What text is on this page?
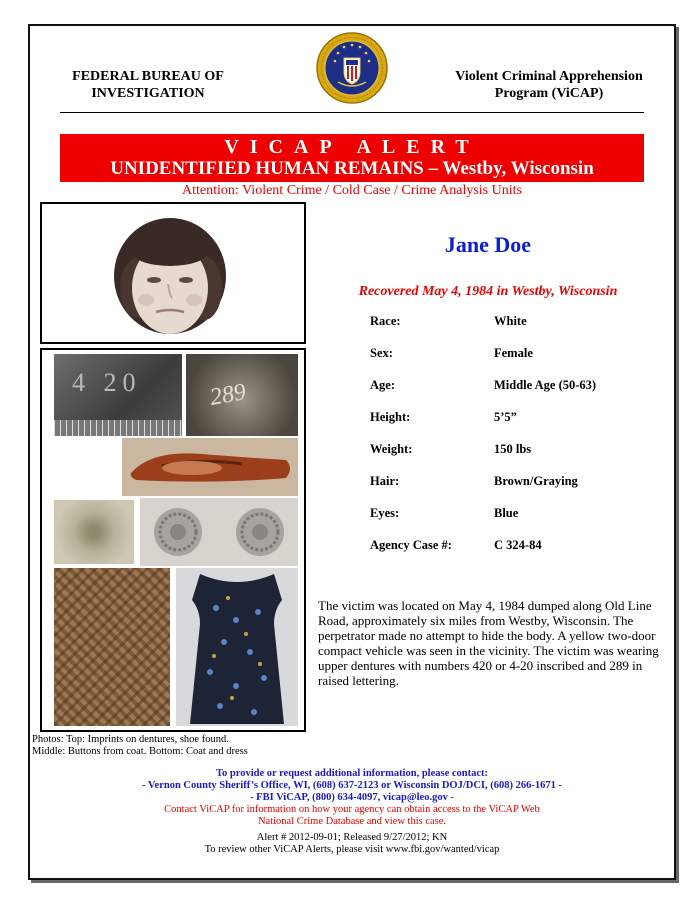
FEDERAL BUREAU OF
INVESTIGATION
Violent Criminal Apprehension
Program (ViCAP)
VICAP ALERT
UNIDENTIFIED HUMAN REMAINS – Westby, Wisconsin
Attention: Violent Crime / Cold Case / Crime Analysis Units
4 20	289
Jane Doe
Recovered May 4, 1984 in Westby, Wisconsin
Race:	White
Sex:	Female
Age:	Middle Age (50-63)
Height:	5’5”
Weight:	150 lbs
Hair:	Brown/Graying
Eyes:	Blue
Agency Case #:	C 324-84
The victim was located on May 4, 1984 dumped along Old Line Road, approximately six miles from Westby, Wisconsin. The perpetrator made no attempt to hide the body. A yellow two-door compact vehicle was seen in the vicinity. The victim was wearing upper dentures with numbers 420 or 4-20 inscribed and 289 in raised lettering.
Photos: Top: Imprints on dentures, shoe found.
Middle: Buttons from coat. Bottom: Coat and dress
To provide or request additional information, please contact:
- Vernon County Sheriff’s Office, WI, (608) 637-2123 or Wisconsin DOJ/DCI, (608) 266-1671 -
- FBI ViCAP, (800) 634-4097, vicap@leo.gov -
Contact ViCAP for information on how your agency can obtain access to the ViCAP Web
National Crime Database and view this case.
Alert # 2012-09-01; Released 9/27/2012; KN
To review other ViCAP Alerts, please visit www.fbi.gov/wanted/vicap
